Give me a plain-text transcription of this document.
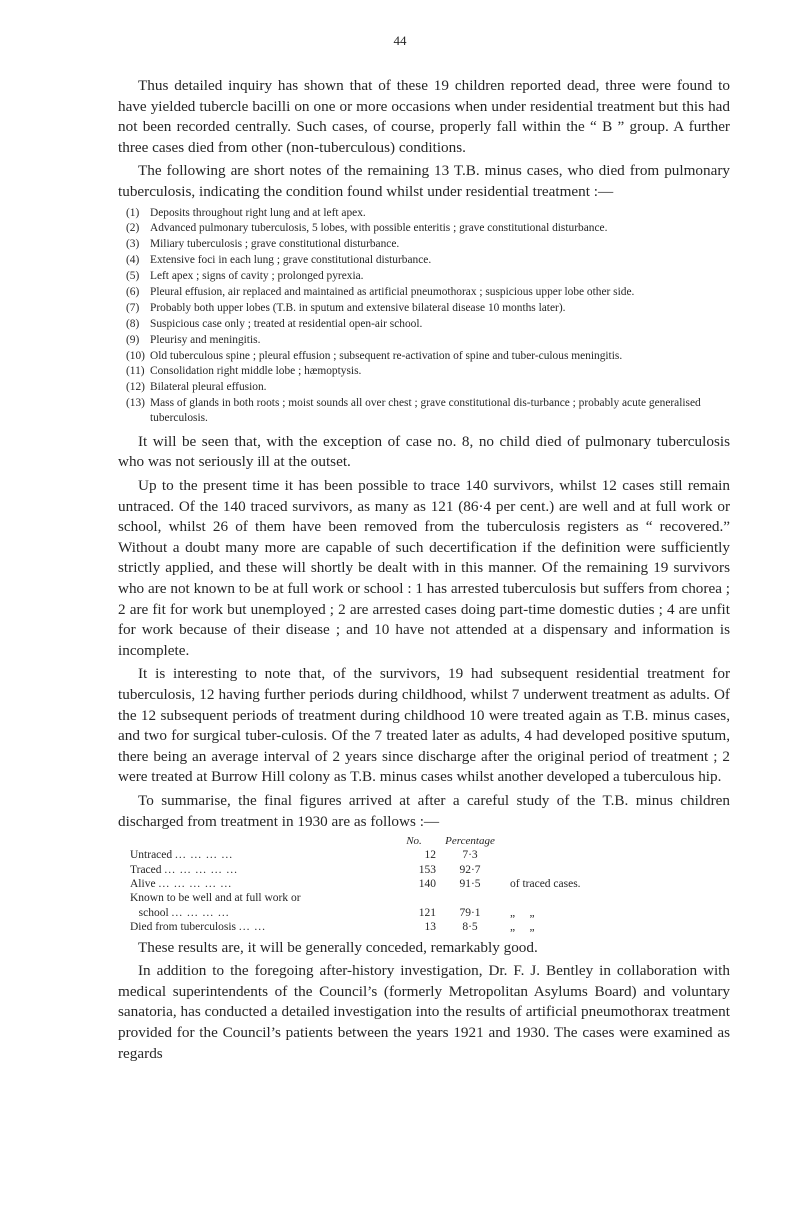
44

Thus detailed inquiry has shown that of these 19 children reported dead, three were found to have yielded tubercle bacilli on one or more occasions when under residential treatment but this had not been recorded centrally. Such cases, of course, properly fall within the “ B ” group. A further three cases died from other (non-tuberculous) conditions.

The following are short notes of the remaining 13 T.B. minus cases, who died from pulmonary tuberculosis, indicating the condition found whilst under residential treatment :—

(1) Deposits throughout right lung and at left apex.
(2) Advanced pulmonary tuberculosis, 5 lobes, with possible enteritis ; grave constitutional disturbance.
(3) Miliary tuberculosis ; grave constitutional disturbance.
(4) Extensive foci in each lung ; grave constitutional disturbance.
(5) Left apex ; signs of cavity ; prolonged pyrexia.
(6) Pleural effusion, air replaced and maintained as artificial pneumothorax ; suspicious upper lobe other side.
(7) Probably both upper lobes (T.B. in sputum and extensive bilateral disease 10 months later).
(8) Suspicious case only ; treated at residential open-air school.
(9) Pleurisy and meningitis.
(10) Old tuberculous spine ; pleural effusion ; subsequent re-activation of spine and tuber-culous meningitis.
(11) Consolidation right middle lobe ; hæmoptysis.
(12) Bilateral pleural effusion.
(13) Mass of glands in both roots ; moist sounds all over chest ; grave constitutional dis-turbance ; probably acute generalised tuberculosis.

It will be seen that, with the exception of case no. 8, no child died of pulmonary tuberculosis who was not seriously ill at the outset.

Up to the present time it has been possible to trace 140 survivors, whilst 12 cases still remain untraced. Of the 140 traced survivors, as many as 121 (86·4 per cent.) are well and at full work or school, whilst 26 of them have been removed from the tuberculosis registers as “ recovered.” Without a doubt many more are capable of such decertification if the definition were sufficiently strictly applied, and these will shortly be dealt with in this manner. Of the remaining 19 survivors who are not known to be at full work or school : 1 has arrested tuberculosis but suffers from chorea ; 2 are fit for work but unemployed ; 2 are arrested cases doing part-time domestic duties ; 4 are unfit for work because of their disease ; and 10 have not attended at a dispensary and information is incomplete.

It is interesting to note that, of the survivors, 19 had subsequent residential treatment for tuberculosis, 12 having further periods during childhood, whilst 7 underwent treatment as adults. Of the 12 subsequent periods of treatment during childhood 10 were treated again as T.B. minus cases, and two for surgical tuber-culosis. Of the 7 treated later as adults, 4 had developed positive sputum, there being an average interval of 2 years since discharge after the original period of treatment ; 2 were treated at Burrow Hill colony as T.B. minus cases whilst another developed a tuberculous hip.

To summarise, the final figures arrived at after a careful study of the T.B. minus children discharged from treatment in 1930 are as follows :—

	No.	Percentage	
Untraced ... ... ... ...	12	7·3	
Traced ... ... ... ... ...	153	92·7	
Alive ... ... ... ... ...	140	91·5	of traced cases.
Known to be well and at full work or			
school ... ... ... ...	121	79·1	„     „
Died from tuberculosis ... ...	13	8·5	„     „

These results are, it will be generally conceded, remarkably good.

In addition to the foregoing after-history investigation, Dr. F. J. Bentley in collaboration with medical superintendents of the Council’s (formerly Metropolitan Asylums Board) and voluntary sanatoria, has conducted a detailed investigation into the results of artificial pneumothorax treatment provided for the Council’s patients between the years 1921 and 1930. The cases were examined as regards
